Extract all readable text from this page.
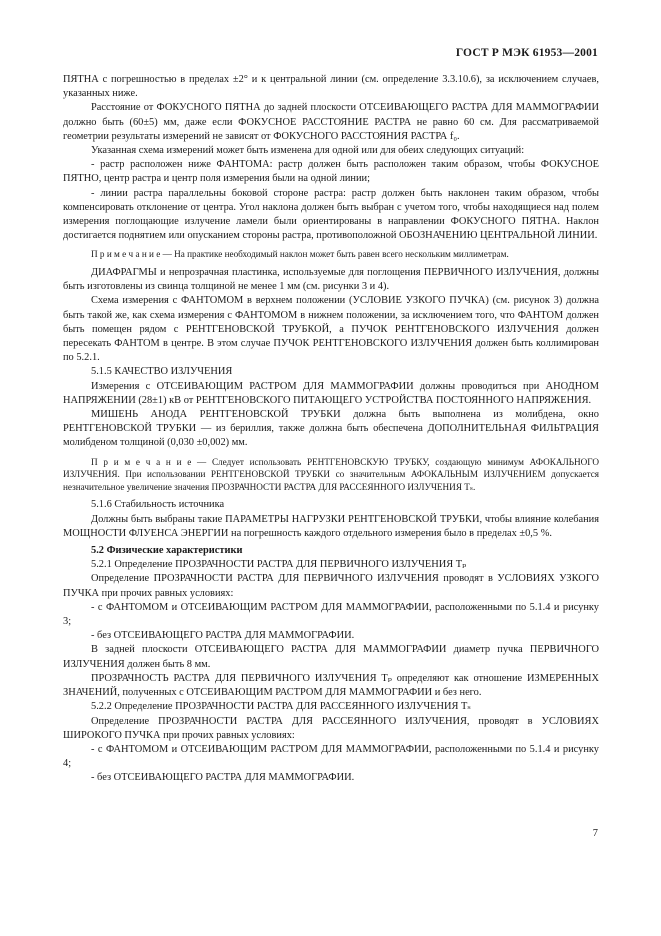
ГОСТ Р МЭК 61953—2001

ПЯТНА с погрешностью в пределах ±2° и к центральной линии (см. определение 3.3.10.6), за исключением случаев, указанных ниже.

Расстояние от ФОКУСНОГО ПЯТНА до задней плоскости ОТСЕИВАЮЩЕГО РАСТРА ДЛЯ МАММОГРАФИИ должно быть (60±5) мм, даже если ФОКУСНОЕ РАССТОЯНИЕ РАСТРА не равно 60 см. Для рассматриваемой геометрии результаты измерений не зависят от ФОКУСНОГО РАССТОЯНИЯ РАСТРА f₀.

Указанная схема измерений может быть изменена для одной или для обеих следующих ситуаций:

- растр расположен ниже ФАНТОМА: растр должен быть расположен таким образом, чтобы ФОКУСНОЕ ПЯТНО, центр растра и центр поля измерения были на одной линии;

- линии растра параллельны боковой стороне растра: растр должен быть наклонен таким образом, чтобы компенсировать отклонение от центра. Угол наклона должен быть выбран с учетом того, чтобы находящиеся над полем измерения поглощающие излучение ламели были ориентированы в направлении ФОКУСНОГО ПЯТНА. Наклон достигается поднятием или опусканием стороны растра, противоположной ОБОЗНАЧЕНИЮ ЦЕНТРАЛЬНОЙ ЛИНИИ.

П р и м е ч а н и е — На практике необходимый наклон может быть равен всего нескольким миллиметрам.

ДИАФРАГМЫ и непрозрачная пластинка, используемые для поглощения ПЕРВИЧНОГО ИЗЛУЧЕНИЯ, должны быть изготовлены из свинца толщиной не менее 1 мм (см. рисунки 3 и 4).

Схема измерения с ФАНТОМОМ в верхнем положении (УСЛОВИЕ УЗКОГО ПУЧКА) (см. рисунок 3) должна быть такой же, как схема измерения с ФАНТОМОМ в нижнем положении, за исключением того, что ФАНТОМ должен быть помещен рядом с РЕНТГЕНОВСКОЙ ТРУБКОЙ, а ПУЧОК РЕНТГЕНОВСКОГО ИЗЛУЧЕНИЯ должен пересекать ФАНТОМ в центре. В этом случае ПУЧОК РЕНТГЕНОВСКОГО ИЗЛУЧЕНИЯ должен быть коллимирован по 5.2.1.

5.1.5 КАЧЕСТВО ИЗЛУЧЕНИЯ

Измерения с ОТСЕИВАЮЩИМ РАСТРОМ ДЛЯ МАММОГРАФИИ должны проводиться при АНОДНОМ НАПРЯЖЕНИИ (28±1) кВ от РЕНТГЕНОВСКОГО ПИТАЮЩЕГО УСТРОЙСТВА ПОСТОЯННОГО НАПРЯЖЕНИЯ.

МИШЕНЬ АНОДА РЕНТГЕНОВСКОЙ ТРУБКИ должна быть выполнена из молибдена, окно РЕНТГЕНОВСКОЙ ТРУБКИ — из бериллия, также должна быть обеспечена ДОПОЛНИТЕЛЬНАЯ ФИЛЬТРАЦИЯ молибденом толщиной (0,030 ±0,002) мм.

П р и м е ч а н и е — Следует использовать РЕНТГЕНОВСКУЮ ТРУБКУ, создающую минимум АФОКАЛЬНОГО ИЗЛУЧЕНИЯ. При использовании РЕНТГЕНОВСКОЙ ТРУБКИ со значительным АФОКАЛЬНЫМ ИЗЛУЧЕНИЕМ допускается незначительное увеличение значения ПРОЗРАЧНОСТИ РАСТРА ДЛЯ РАССЕЯННОГО ИЗЛУЧЕНИЯ Tₛ.

5.1.6 Стабильность источника

Должны быть выбраны такие ПАРАМЕТРЫ НАГРУЗКИ РЕНТГЕНОВСКОЙ ТРУБКИ, чтобы влияние колебания МОЩНОСТИ ФЛУЕНСА ЭНЕРГИИ на погрешность каждого отдельного измерения было в пределах ±0,5 %.

5.2 Физические характеристики

5.2.1 Определение ПРОЗРАЧНОСТИ РАСТРА ДЛЯ ПЕРВИЧНОГО ИЗЛУЧЕНИЯ Tₚ

Определение ПРОЗРАЧНОСТИ РАСТРА ДЛЯ ПЕРВИЧНОГО ИЗЛУЧЕНИЯ проводят в УСЛОВИЯХ УЗКОГО ПУЧКА при прочих равных условиях:

- с ФАНТОМОМ и ОТСЕИВАЮЩИМ РАСТРОМ ДЛЯ МАММОГРАФИИ, расположенными по 5.1.4 и рисунку 3;

- без ОТСЕИВАЮЩЕГО РАСТРА ДЛЯ МАММОГРАФИИ.

В задней плоскости ОТСЕИВАЮЩЕГО РАСТРА ДЛЯ МАММОГРАФИИ диаметр пучка ПЕРВИЧНОГО ИЗЛУЧЕНИЯ должен быть 8 мм.

ПРОЗРАЧНОСТЬ РАСТРА ДЛЯ ПЕРВИЧНОГО ИЗЛУЧЕНИЯ Tₚ определяют как отношение ИЗМЕРЕННЫХ ЗНАЧЕНИЙ, полученных с ОТСЕИВАЮЩИМ РАСТРОМ ДЛЯ МАММОГРАФИИ и без него.

5.2.2 Определение ПРОЗРАЧНОСТИ РАСТРА ДЛЯ РАССЕЯННОГО ИЗЛУЧЕНИЯ Tₛ

Определение ПРОЗРАЧНОСТИ РАСТРА ДЛЯ РАССЕЯННОГО ИЗЛУЧЕНИЯ, проводят в УСЛОВИЯХ ШИРОКОГО ПУЧКА при прочих равных условиях:

- с ФАНТОМОМ и ОТСЕИВАЮЩИМ РАСТРОМ ДЛЯ МАММОГРАФИИ, расположенными по 5.1.4 и рисунку 4;

- без ОТСЕИВАЮЩЕГО РАСТРА ДЛЯ МАММОГРАФИИ.

7
